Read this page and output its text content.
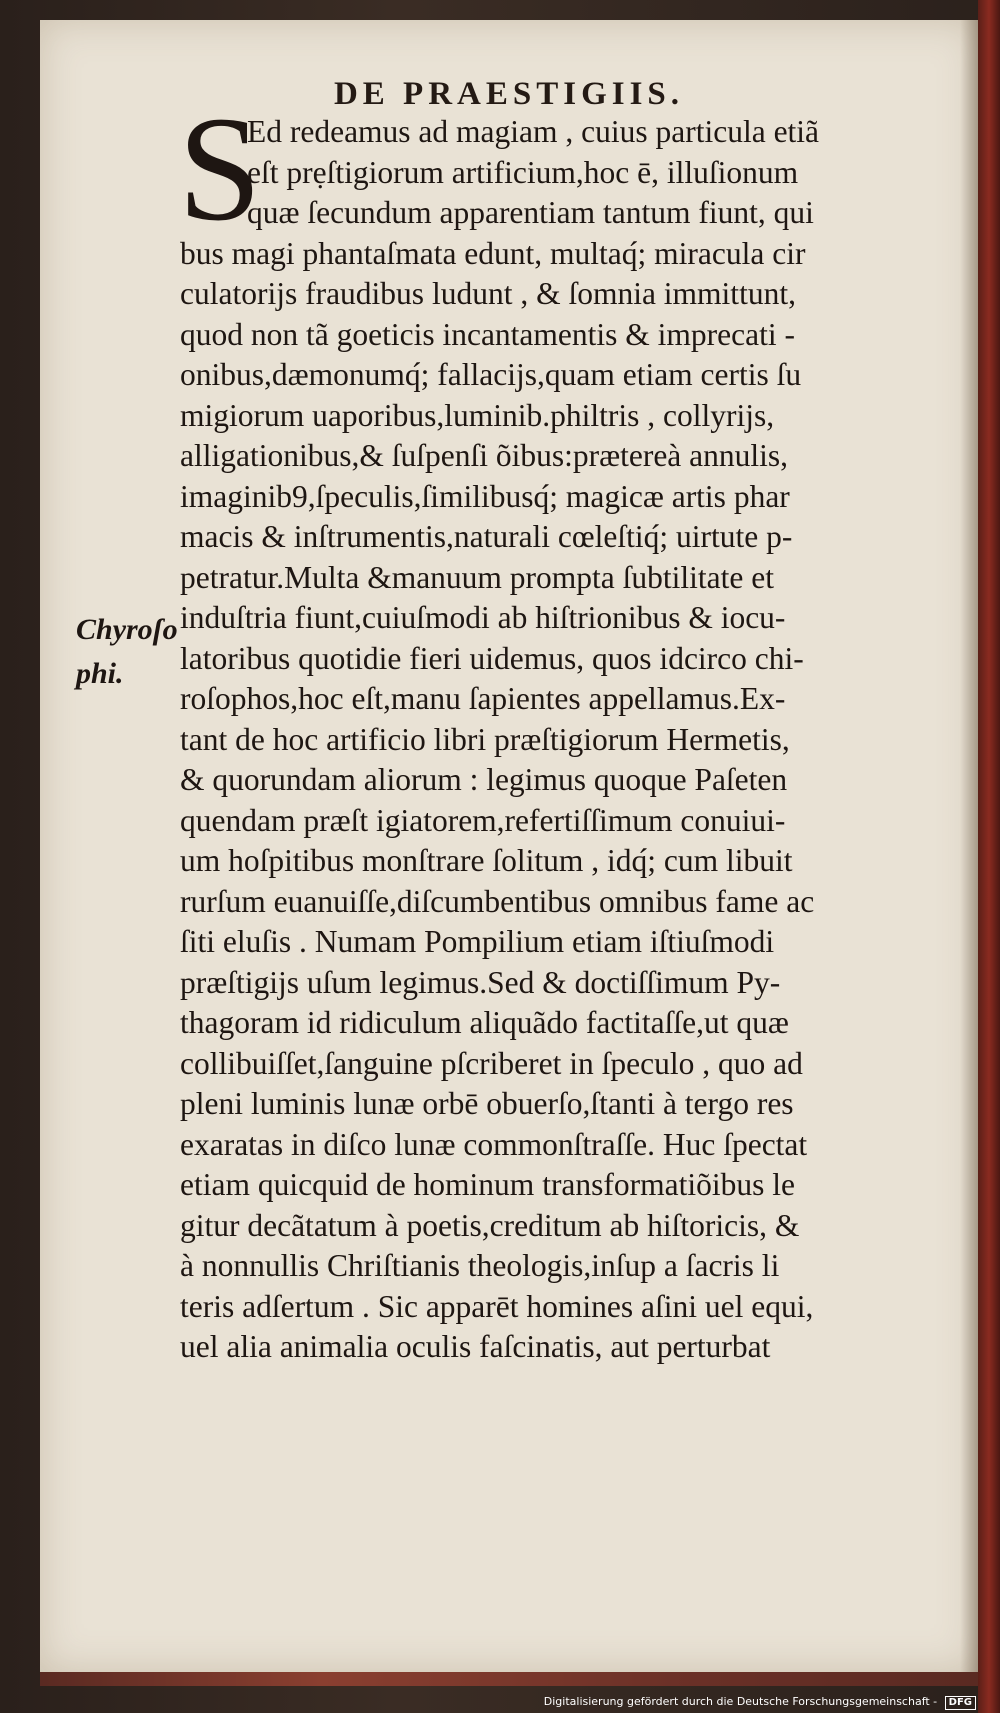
DE PRAESTIGIIS.
S
Chyroſo phi.
Ed redeamus ad magiam , cuius particula etiã
eſt prẹſtigiorum artificium,hoc ē, illuſionum
quæ ſecundum apparentiam tantum fiunt, qui
bus magi phantaſmata edunt, multaq́; miracula cir
culatorijs fraudibus ludunt , & ſomnia immittunt,
quod non tã goeticis incantamentis & imprecati -
onibus,dæmonumq́; fallacijs,quam etiam certis ſu
migiorum uaporibus,luminib.philtris , collyrijs,
alligationibus,& ſuſpenſi õibus:prætereà annulis,
imaginib9,ſpeculis,ſimilibusq́; magicæ artis phar
macis & inſtrumentis,naturali cœleſtiq́; uirtute p-
petratur.Multa &manuum prompta ſubtilitate et
induſtria fiunt,cuiuſmodi ab hiſtrionibus & iocu-
latoribus quotidie fieri uidemus, quos idcirco chi-
roſophos,hoc eſt,manu ſapientes appellamus.Ex-
tant de hoc artificio libri præſtigiorum Hermetis,
& quorundam aliorum : legimus quoque Paſeten
quendam præſt igiatorem,refertiſſimum conuiui-
um hoſpitibus monſtrare ſolitum , idq́; cum libuit
rurſum euanuiſſe,diſcumbentibus omnibus fame ac
ſiti eluſis . Numam Pompilium etiam iſtiuſmodi
præſtigijs uſum legimus.Sed & doctiſſimum Py-
thagoram id ridiculum aliquãdo factitaſſe,ut quæ
collibuiſſet,ſanguine pſcriberet in ſpeculo , quo ad
pleni luminis lunæ orbē obuerſo,ſtanti à tergo res
exaratas in diſco lunæ commonſtraſſe. Huc ſpectat
etiam quicquid de hominum transformatiõibus le
gitur decãtatum à poetis,creditum ab hiſtoricis, &
à nonnullis Chriſtianis theologis,inſup a ſacris li
teris adſertum . Sic apparēt homines aſini uel equi,
uel alia animalia oculis faſcinatis, aut perturbat
Digitalisierung gefördert durch die Deutsche Forschungsgemeinschaft - DFG
